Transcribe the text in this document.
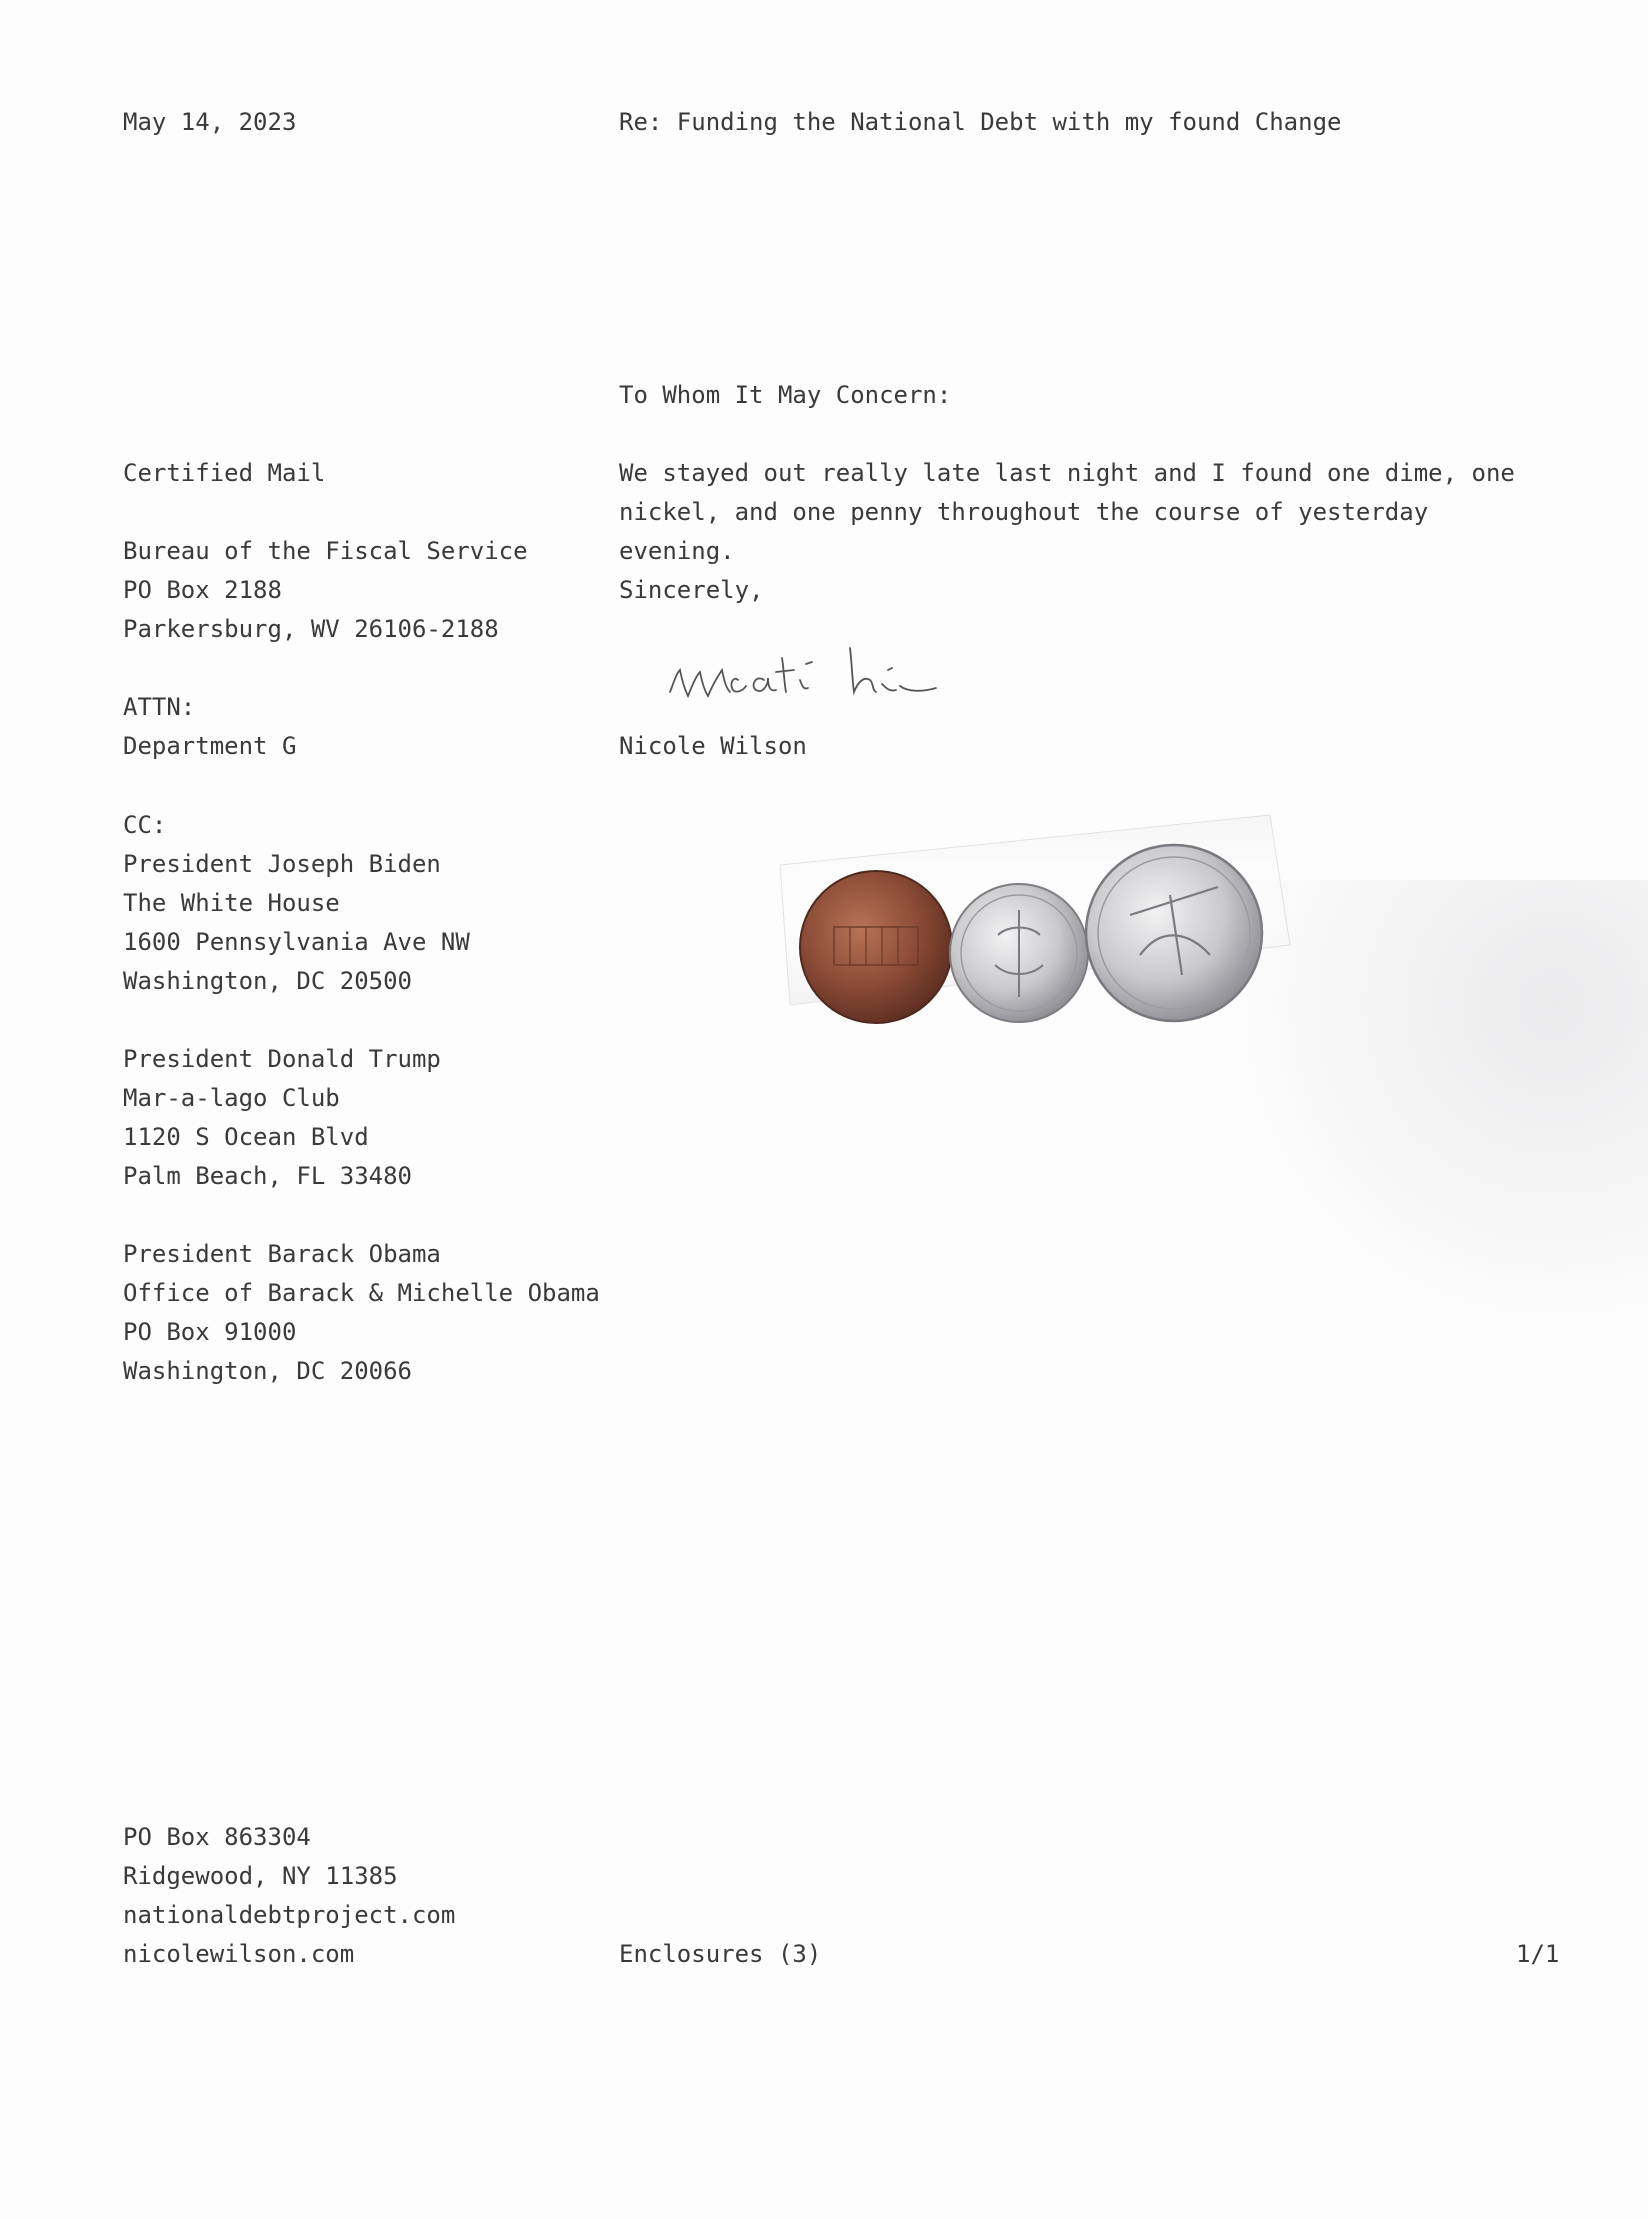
May 14, 2023	Re: Funding the National Debt with my found Change
To Whom It May Concern:
Certified Mail
Bureau of the Fiscal Service
PO Box 2188
Parkersburg, WV 26106-2188
ATTN:
Department G
CC:
President Joseph Biden
The White House
1600 Pennsylvania Ave NW
Washington, DC 20500
President Donald Trump
Mar-a-lago Club
1120 S Ocean Blvd
Palm Beach, FL 33480
President Barack Obama
Office of Barack & Michelle Obama
PO Box 91000
Washington, DC 20066
We stayed out really late last night and I found one dime, one nickel, and one penny throughout the course of yesterday evening.
Sincerely,
Nicole Wilson
PO Box 863304
Ridgewood, NY 11385
nationaldebtproject.com
nicolewilson.com	Enclosures (3)	1/1
